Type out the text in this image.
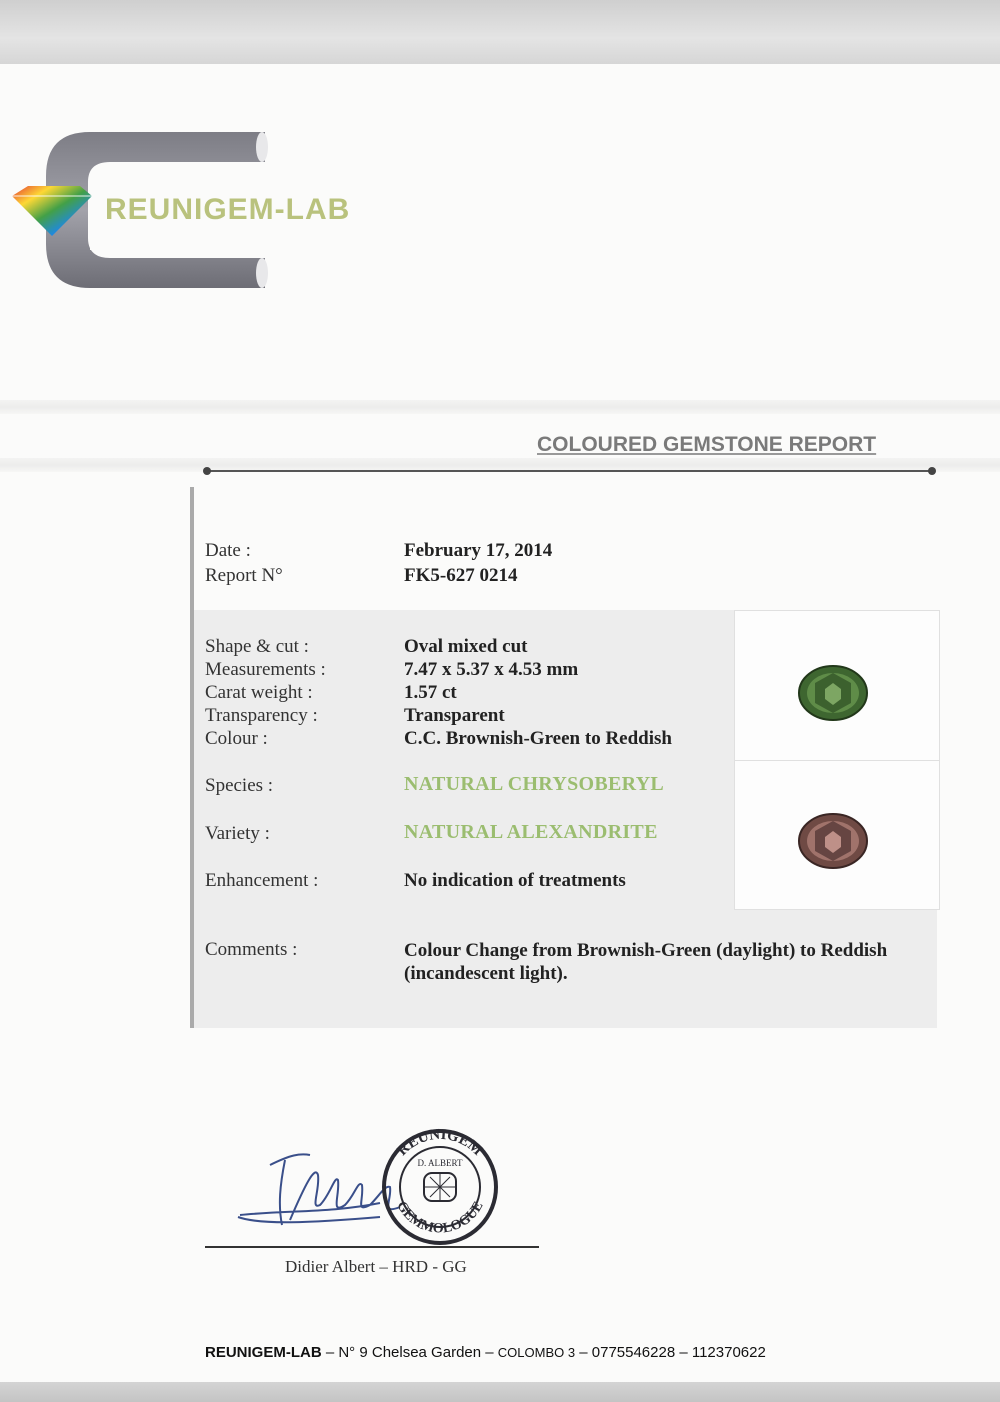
REUNIGEM-LAB
COLOURED GEMSTONE REPORT
Date :	February 17, 2014
Report N°	FK5-627 0214
Shape & cut :	Oval mixed cut
Measurements :	7.47 x 5.37 x 4.53 mm
Carat weight :	1.57 ct
Transparency :	Transparent
Colour :	C.C. Brownish-Green to Reddish
Species :	NATURAL CHRYSOBERYL
Variety :	NATURAL ALEXANDRITE
Enhancement :	No indication of treatments
Comments :	Colour Change from Brownish-Green (daylight) to Reddish (incandescent light).
REUNIGEM
GEMMOLOGUE
D. ALBERT
Didier Albert – HRD - GG
REUNIGEM-LAB – N° 9 Chelsea Garden – COLOMBO 3 – 0775546228 – 112370622
